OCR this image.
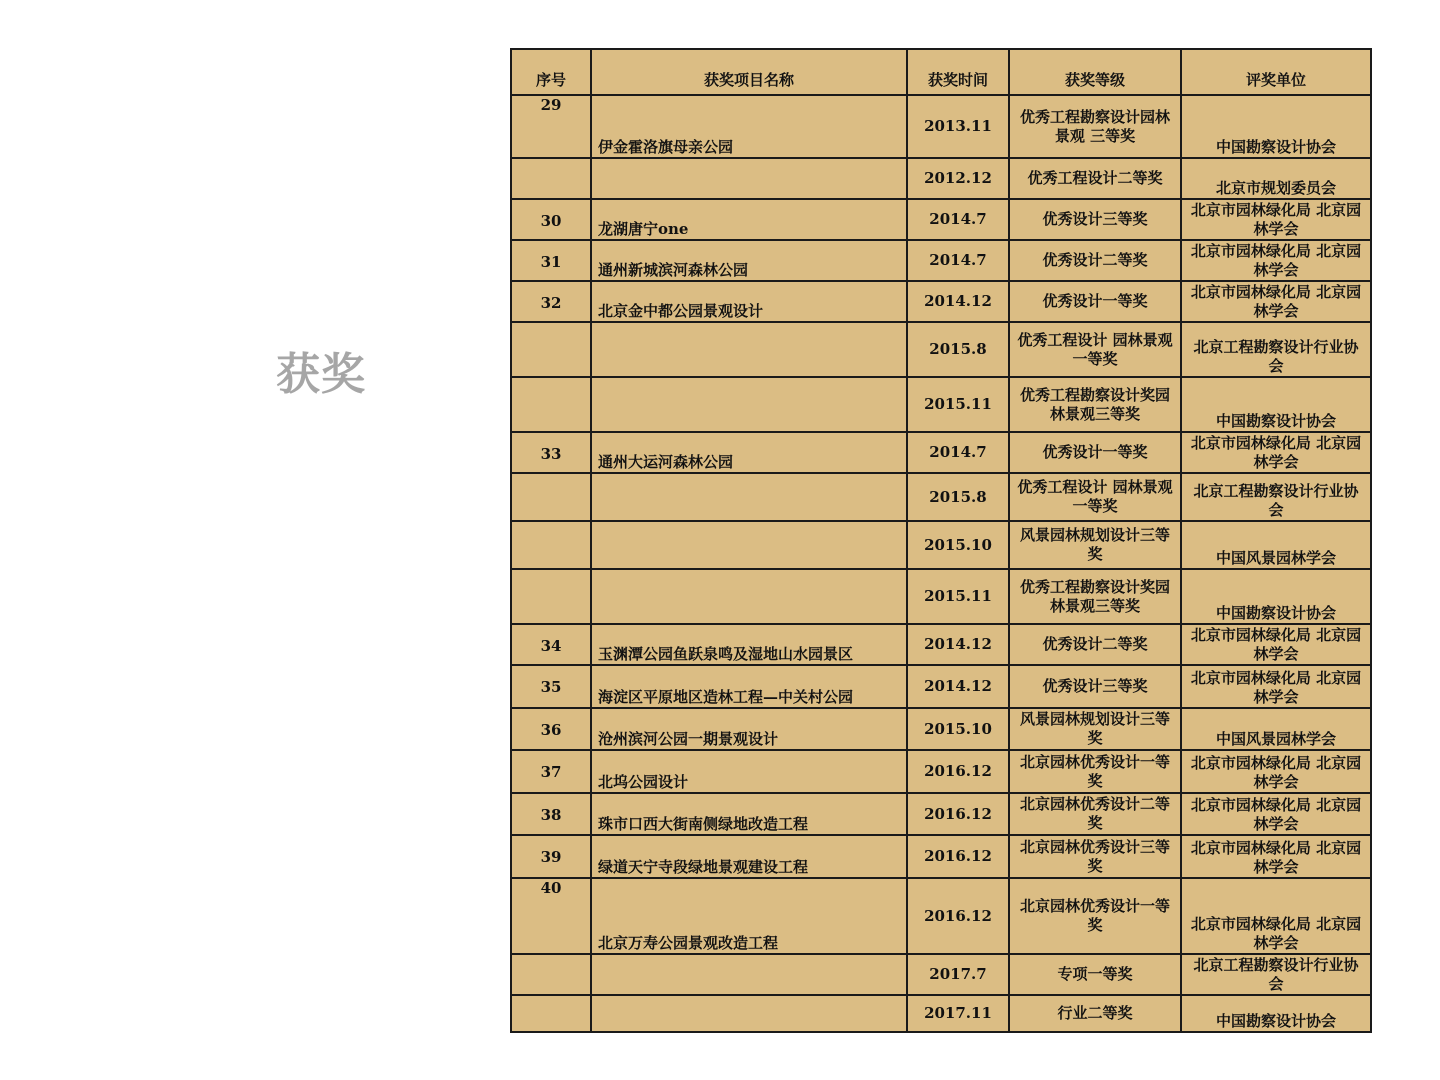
获奖
序号	获奖项目名称	获奖时间	获奖等级	评奖单位
29	伊金霍洛旗母亲公园	2013.11	优秀工程勘察设计园林景观 三等奖	中国勘察设计协会
		2012.12	优秀工程设计二等奖	北京市规划委员会
30	龙湖唐宁one	2014.7	优秀设计三等奖	北京市园林绿化局 北京园林学会
31	通州新城滨河森林公园	2014.7	优秀设计二等奖	北京市园林绿化局 北京园林学会
32	北京金中都公园景观设计	2014.12	优秀设计一等奖	北京市园林绿化局 北京园林学会
		2015.8	优秀工程设计 园林景观 一等奖	北京工程勘察设计行业协会
		2015.11	优秀工程勘察设计奖园林景观三等奖	中国勘察设计协会
33	通州大运河森林公园	2014.7	优秀设计一等奖	北京市园林绿化局 北京园林学会
		2015.8	优秀工程设计 园林景观 一等奖	北京工程勘察设计行业协会
		2015.10	风景园林规划设计三等奖	中国风景园林学会
		2015.11	优秀工程勘察设计奖园林景观三等奖	中国勘察设计协会
34	玉渊潭公园鱼跃泉鸣及湿地山水园景区	2014.12	优秀设计二等奖	北京市园林绿化局 北京园林学会
35	海淀区平原地区造林工程—中关村公园	2014.12	优秀设计三等奖	北京市园林绿化局 北京园林学会
36	沧州滨河公园一期景观设计	2015.10	风景园林规划设计三等奖	中国风景园林学会
37	北坞公园设计	2016.12	北京园林优秀设计一等奖	北京市园林绿化局 北京园林学会
38	珠市口西大街南侧绿地改造工程	2016.12	北京园林优秀设计二等奖	北京市园林绿化局 北京园林学会
39	绿道天宁寺段绿地景观建设工程	2016.12	北京园林优秀设计三等奖	北京市园林绿化局 北京园林学会
40	北京万寿公园景观改造工程	2016.12	北京园林优秀设计一等奖	北京市园林绿化局 北京园林学会
		2017.7	专项一等奖	北京工程勘察设计行业协会
		2017.11	行业二等奖	中国勘察设计协会
